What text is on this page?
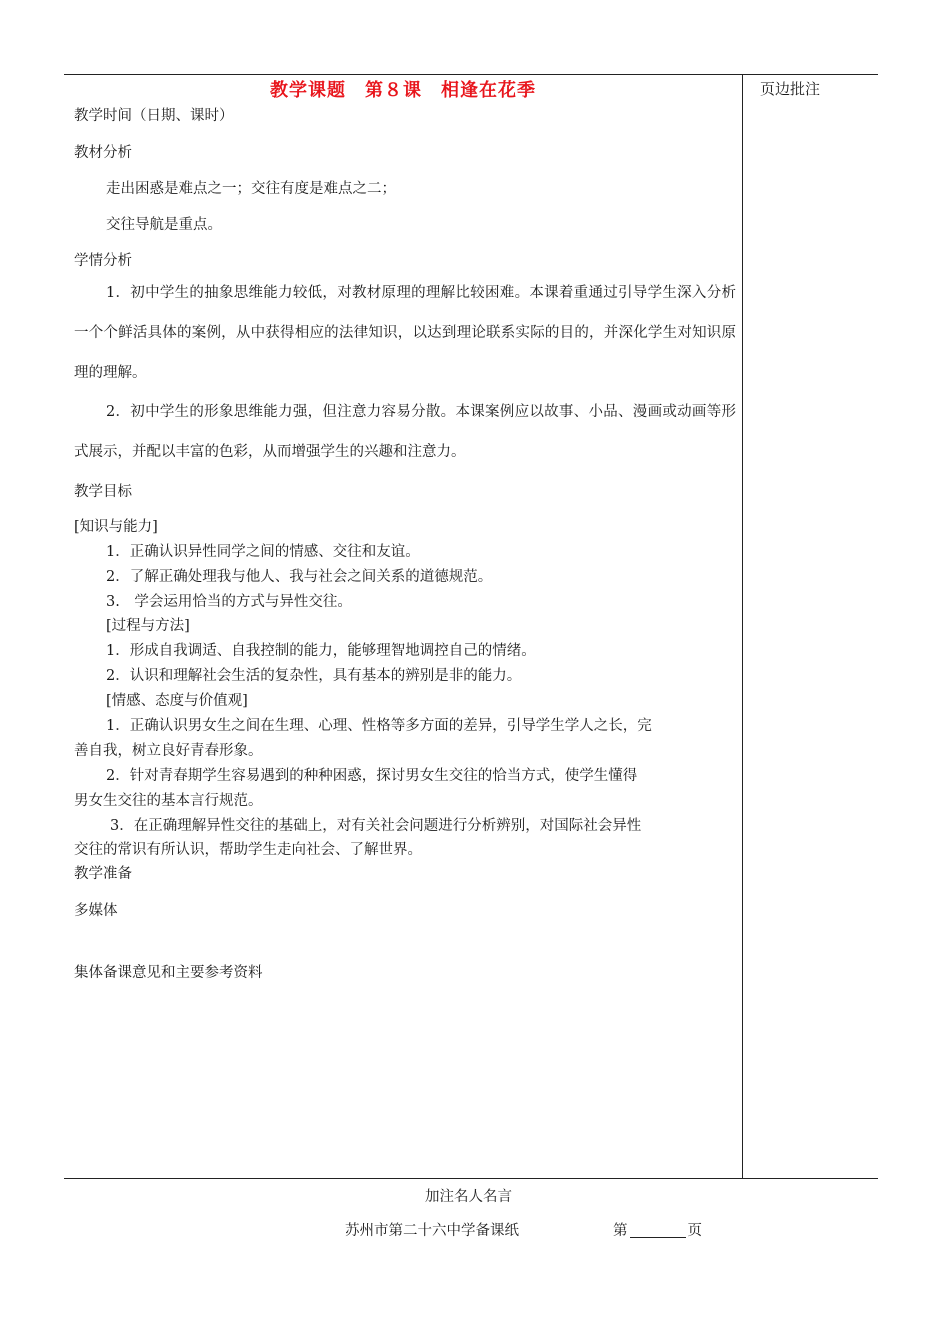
教学课题　第８课　相逢在花季	页边批注
教学时间（日期、课时）
教材分析
走出困惑是难点之一；交往有度是难点之二；
交往导航是重点。
学情分析
1．初中学生的抽象思维能力较低，对教材原理的理解比较困难。本课着重通过引导学生深入分析一个个鲜活具体的案例，从中获得相应的法律知识，以达到理论联系实际的目的，并深化学生对知识原理的理解。
2．初中学生的形象思维能力强，但注意力容易分散。本课案例应以故事、小品、漫画或动画等形式展示，并配以丰富的色彩，从而增强学生的兴趣和注意力。
教学目标
[知识与能力]
1．正确认识异性同学之间的情感、交往和友谊。
2．了解正确处理我与他人、我与社会之间关系的道德规范。
3.　学会运用恰当的方式与异性交往。
[过程与方法]
1．形成自我调适、自我控制的能力，能够理智地调控自己的情绪。
2．认识和理解社会生活的复杂性，具有基本的辨别是非的能力。
[情感、态度与价值观]
1．正确认识男女生之间在生理、心理、性格等多方面的差异，引导学生学人之长，完
善自我，树立良好青春形象。
2．针对青春期学生容易遇到的种种困惑，探讨男女生交往的恰当方式，使学生懂得
男女生交往的基本言行规范。
3．在正确理解异性交往的基础上，对有关社会问题进行分析辨别，对国际社会异性
交往的常识有所认识，帮助学生走向社会、了解世界。
教学准备
多媒体
集体备课意见和主要参考资料
加注名人名言
苏州市第二十六中学备课纸	第	页
